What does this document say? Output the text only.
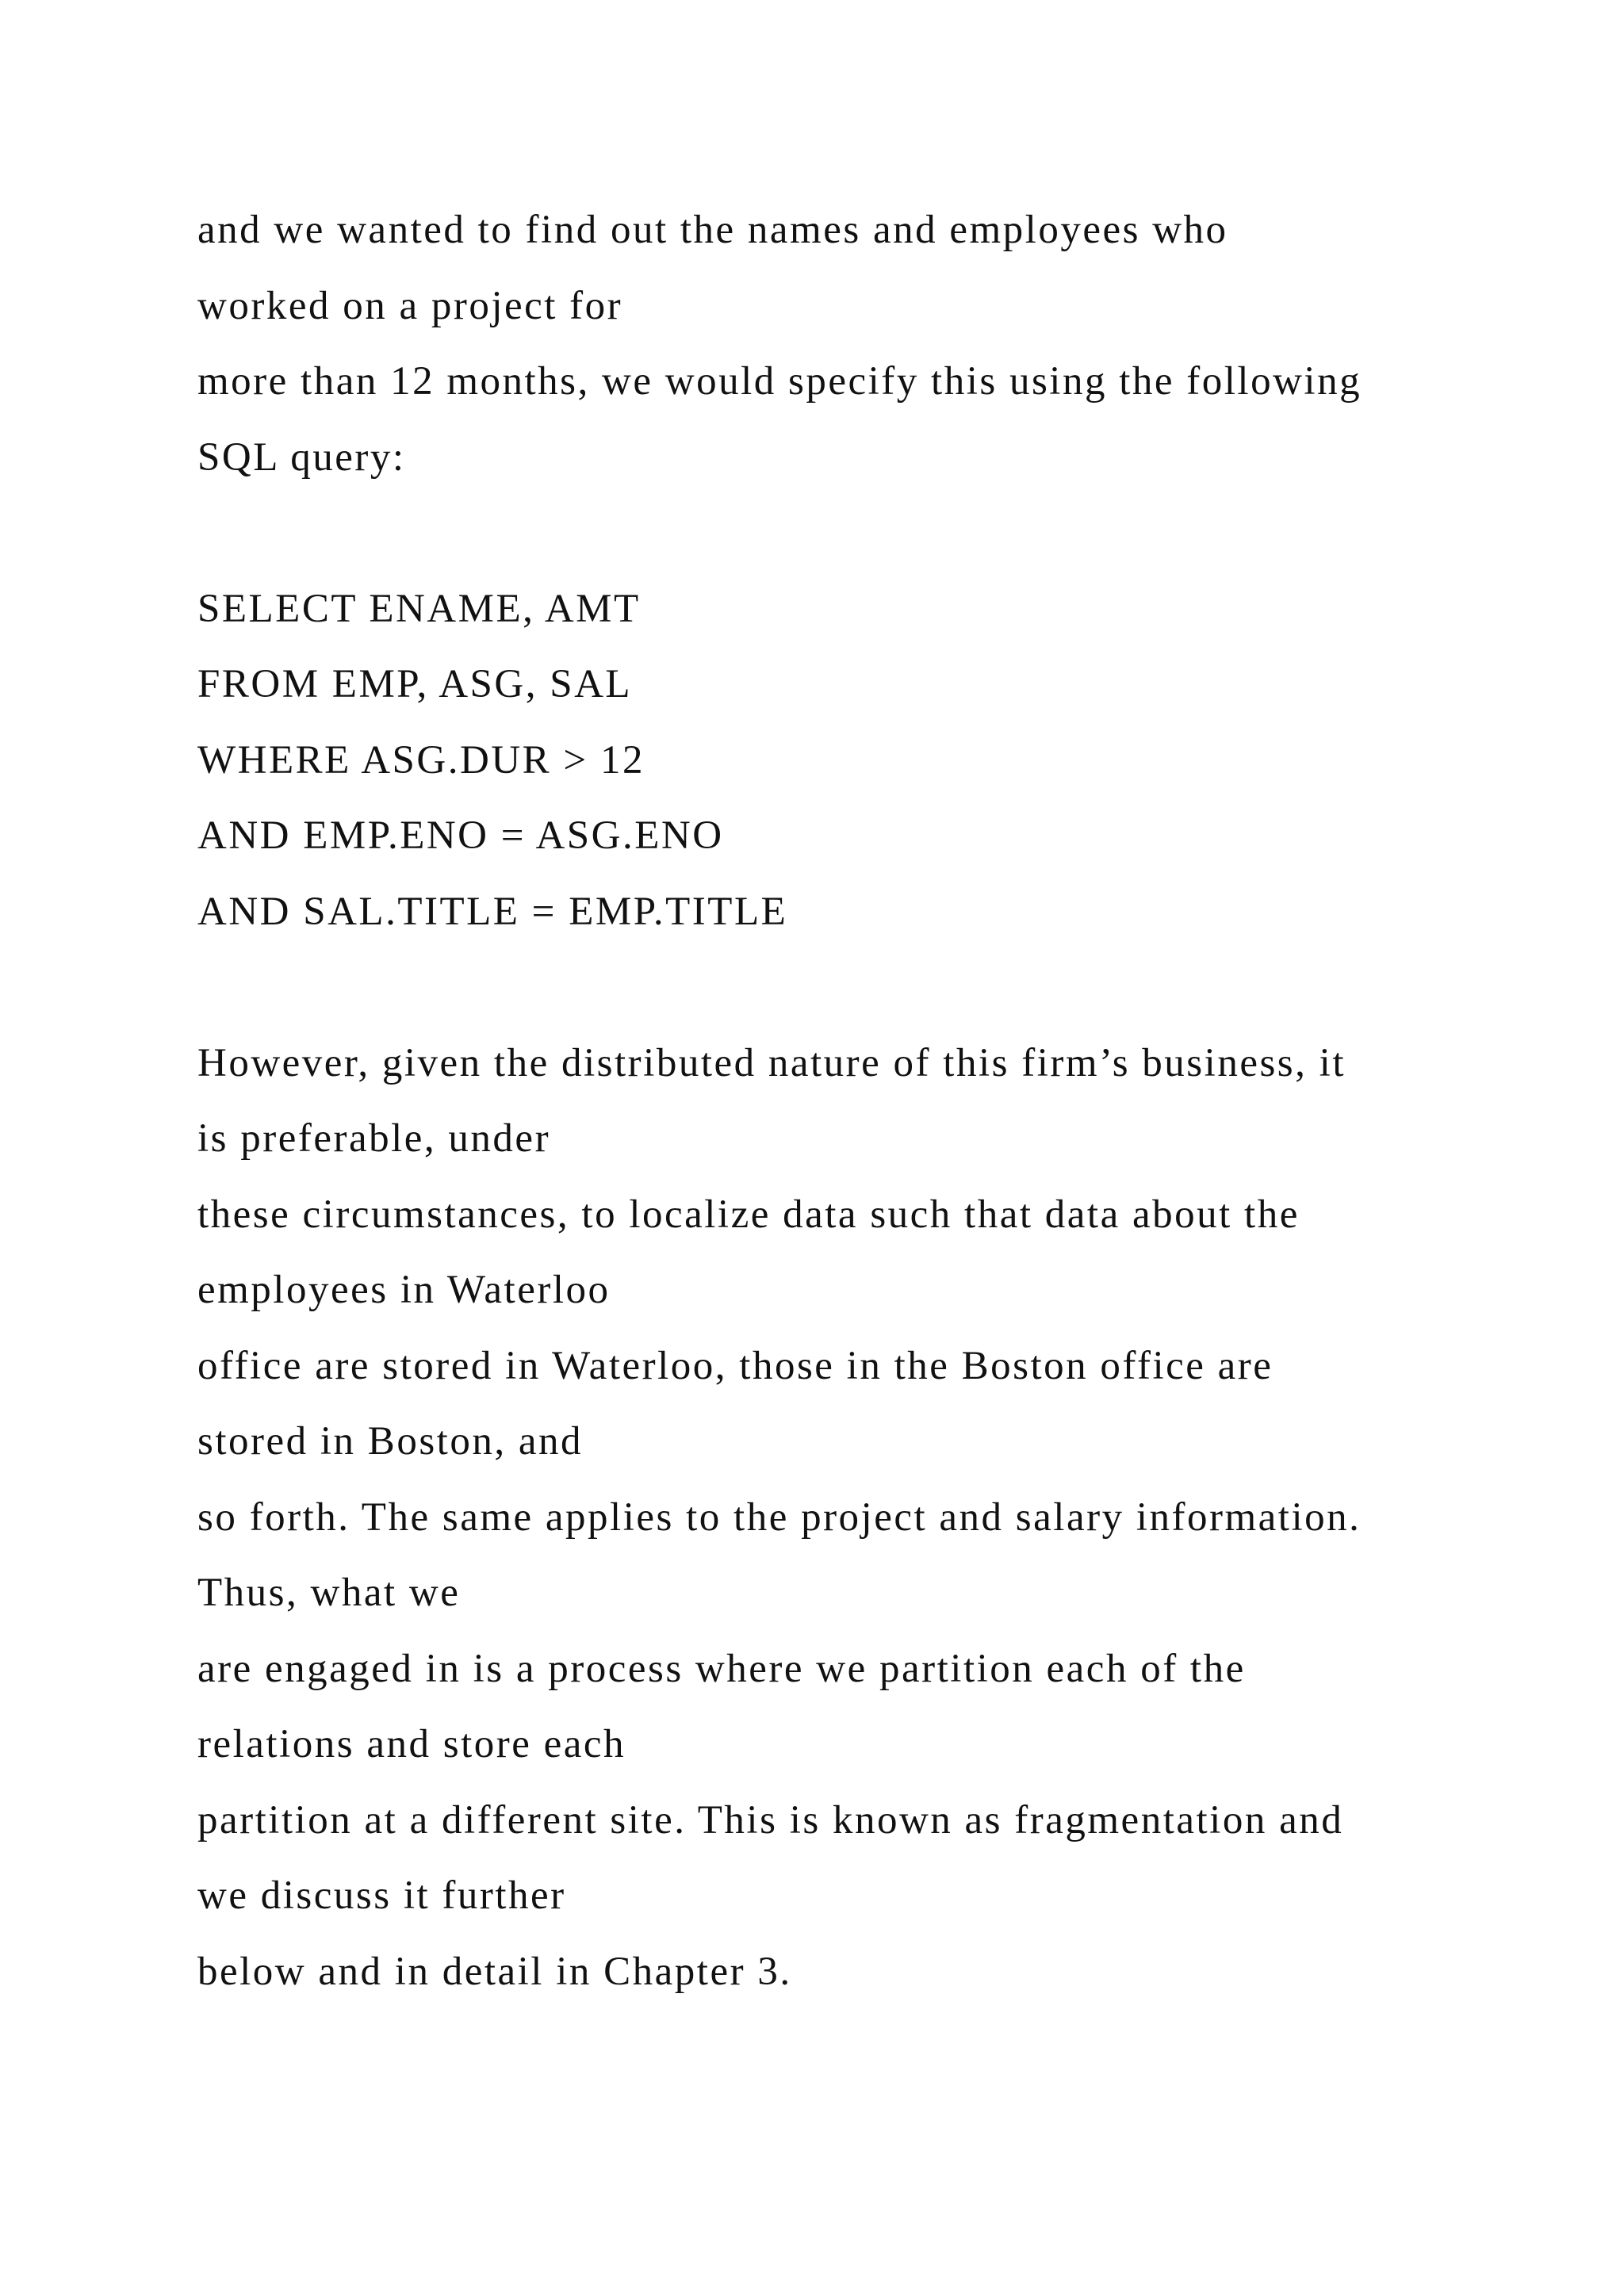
and we wanted to find out the names and employees who
worked on a project for
more than 12 months, we would specify this using the following
SQL query:
SELECT ENAME, AMT
FROM EMP, ASG, SAL
WHERE ASG.DUR > 12
AND EMP.ENO = ASG.ENO
AND SAL.TITLE = EMP.TITLE
However, given the distributed nature of this firm’s business, it
is preferable, under
these circumstances, to localize data such that data about the
employees in Waterloo
office are stored in Waterloo, those in the Boston office are
stored in Boston, and
so forth. The same applies to the project and salary information.
Thus, what we
are engaged in is a process where we partition each of the
relations and store each
partition at a different site. This is known as fragmentation and
we discuss it further
below and in detail in Chapter 3.
